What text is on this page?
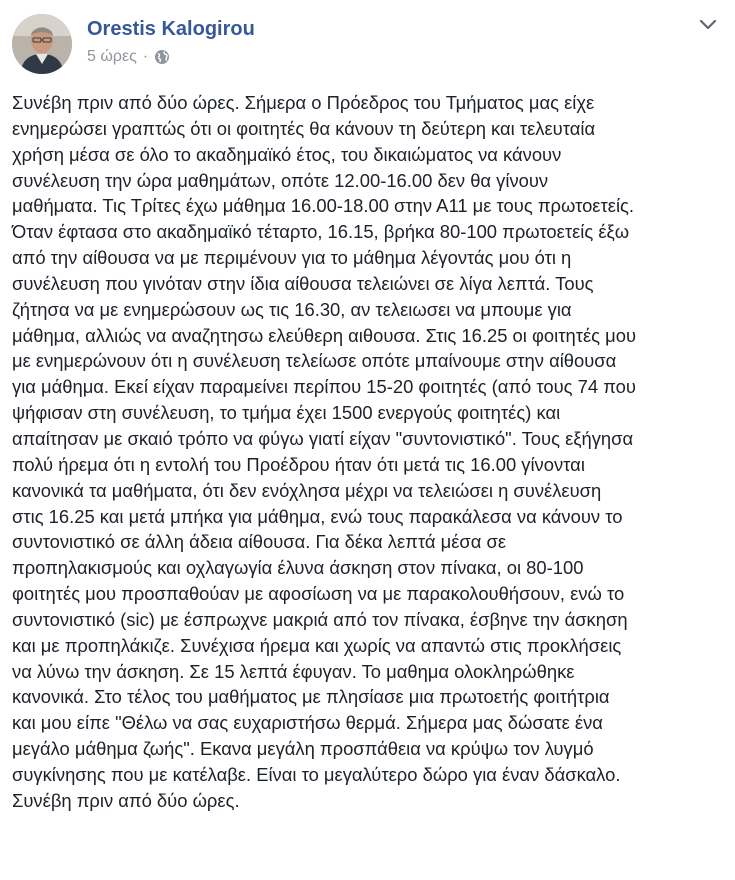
Orestis Kalogirou
5 ώρες ·
Συνέβη πριν από δύο ώρες. Σήμερα ο Πρόεδρος του Τμήματος μας είχε
ενημερώσει γραπτώς ότι οι φοιτητές θα κάνουν τη δεύτερη και τελευταία
χρήση μέσα σε όλο το ακαδημαϊκό έτος, του δικαιώματος να κάνουν
συνέλευση την ώρα μαθημάτων, οπότε 12.00-16.00 δεν θα γίνουν
μαθήματα. Τις Τρίτες έχω μάθημα 16.00-18.00 στην Α11 με τους πρωτοετείς.
Όταν έφτασα στο ακαδημαϊκό τέταρτο, 16.15, βρήκα 80-100 πρωτοετείς έξω
από την αίθουσα να με περιμένουν για το μάθημα λέγοντάς μου ότι η
συνέλευση που γινόταν στην ίδια αίθουσα τελειώνει σε λίγα λεπτά. Τους
ζήτησα να με ενημερώσουν ως τις 16.30, αν τελειωσει να μπουμε για
μάθημα, αλλιώς να αναζητησω ελεύθερη αιθουσα. Στις 16.25 οι φοιτητές μου
με ενημερώνουν ότι η συνέλευση τελείωσε οπότε μπαίνουμε στην αίθουσα
για μάθημα. Εκεί είχαν παραμείνει περίπου 15-20 φοιτητές (από τους 74 που
ψήφισαν στη συνέλευση, το τμήμα έχει 1500 ενεργούς φοιτητές) και
απαίτησαν με σκαιό τρόπο να φύγω γιατί είχαν "συντονιστικό". Τους εξήγησα
πολύ ήρεμα ότι η εντολή του Προέδρου ήταν ότι μετά τις 16.00 γίνονται
κανονικά τα μαθήματα, ότι δεν ενόχλησα μέχρι να τελειώσει η συνέλευση
στις 16.25 και μετά μπήκα για μάθημα, ενώ τους παρακάλεσα να κάνουν το
συντονιστικό σε άλλη άδεια αίθουσα. Για δέκα λεπτά μέσα σε
προπηλακισμούς και οχλαγωγία έλυνα άσκηση στον πίνακα, οι 80-100
φοιτητές μου προσπαθούαν με αφοσίωση να με παρακολουθήσουν, ενώ το
συντονιστικό (sic) με έσπρωχνε μακριά από τον πίνακα, έσβηνε την άσκηση
και με προπηλάκιζε. Συνέχισα ήρεμα και χωρίς να απαντώ στις προκλήσεις
να λύνω την άσκηση. Σε 15 λεπτά έφυγαν. Το μαθημα ολοκληρώθηκε
κανονικά. Στο τέλος του μαθήματος με πλησίασε μια πρωτοετής φοιτήτρια
και μου είπε "Θέλω να σας ευχαριστήσω θερμά. Σήμερα μας δώσατε ένα
μεγάλο μάθημα ζωής". Εκανα μεγάλη προσπάθεια να κρύψω τον λυγμό
συγκίνησης που με κατέλαβε. Είναι το μεγαλύτερο δώρο για έναν δάσκαλο.
Συνέβη πριν από δύο ώρες.
